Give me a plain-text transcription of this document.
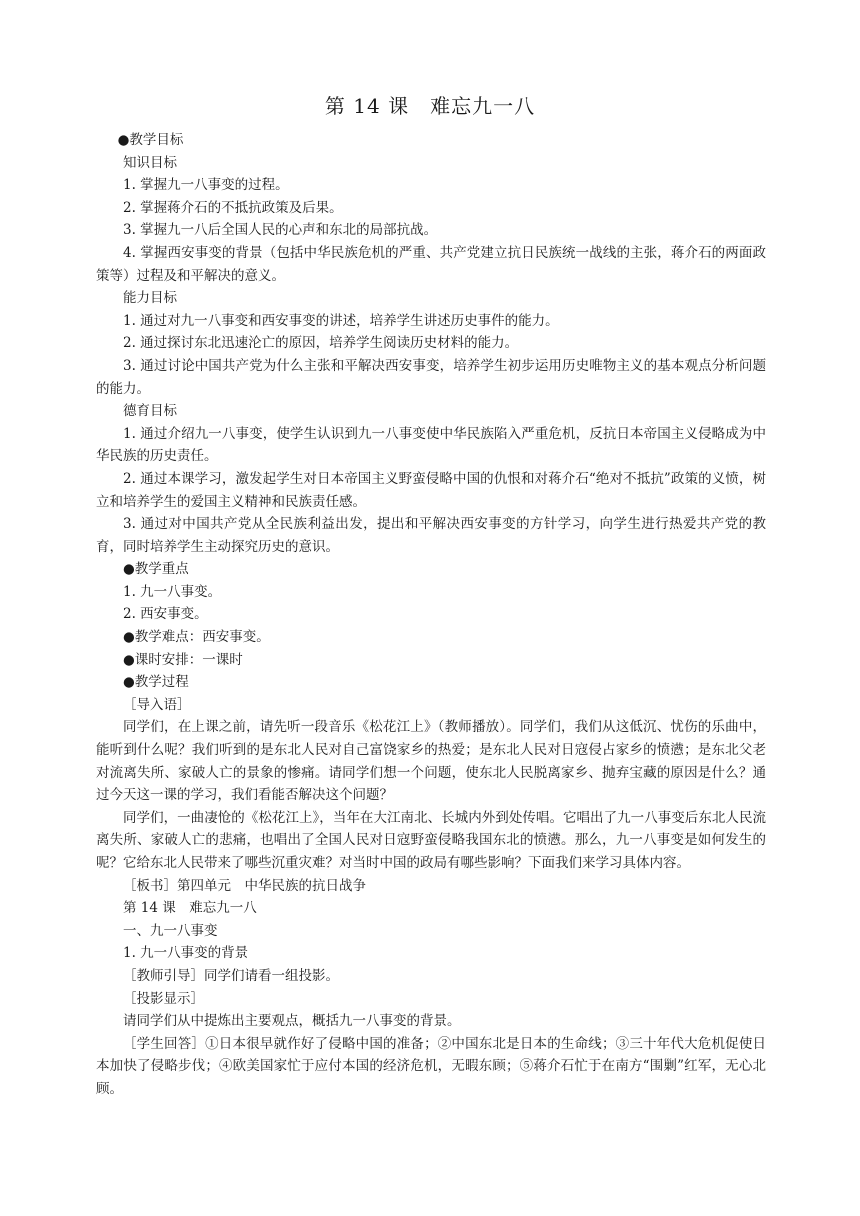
第 14 课　难忘九一八

●教学目标

知识目标

1. 掌握九一八事变的过程。

2. 掌握蒋介石的不抵抗政策及后果。

3. 掌握九一八后全国人民的心声和东北的局部抗战。

4. 掌握西安事变的背景（包括中华民族危机的严重、共产党建立抗日民族统一战线的主张，蒋介石的两面政策等）过程及和平解决的意义。

能力目标

1. 通过对九一八事变和西安事变的讲述，培养学生讲述历史事件的能力。

2. 通过探讨东北迅速沦亡的原因，培养学生阅读历史材料的能力。

3. 通过讨论中国共产党为什么主张和平解决西安事变，培养学生初步运用历史唯物主义的基本观点分析问题的能力。

德育目标

1. 通过介绍九一八事变，使学生认识到九一八事变使中华民族陷入严重危机，反抗日本帝国主义侵略成为中华民族的历史责任。

2. 通过本课学习，激发起学生对日本帝国主义野蛮侵略中国的仇恨和对蒋介石“绝对不抵抗”政策的义愤，树立和培养学生的爱国主义精神和民族责任感。

3. 通过对中国共产党从全民族利益出发，提出和平解决西安事变的方针学习，向学生进行热爱共产党的教育，同时培养学生主动探究历史的意识。

●教学重点

1. 九一八事变。

2. 西安事变。

●教学难点：西安事变。

●课时安排：一课时

●教学过程

［导入语］

同学们，在上课之前，请先听一段音乐《松花江上》（教师播放）。同学们，我们从这低沉、忧伤的乐曲中，能听到什么呢？我们听到的是东北人民对自己富饶家乡的热爱；是东北人民对日寇侵占家乡的愤懑；是东北父老对流离失所、家破人亡的景象的惨痛。请同学们想一个问题，使东北人民脱离家乡、抛弃宝藏的原因是什么？通过今天这一课的学习，我们看能否解决这个问题？

同学们，一曲凄怆的《松花江上》，当年在大江南北、长城内外到处传唱。它唱出了九一八事变后东北人民流离失所、家破人亡的悲痛，也唱出了全国人民对日寇野蛮侵略我国东北的愤懑。那么，九一八事变是如何发生的呢？它给东北人民带来了哪些沉重灾难？对当时中国的政局有哪些影响？下面我们来学习具体内容。

［板书］第四单元　中华民族的抗日战争

第 14 课　难忘九一八

一、九一八事变

1. 九一八事变的背景

［教师引导］同学们请看一组投影。

［投影显示］

请同学们从中提炼出主要观点，概括九一八事变的背景。

［学生回答］①日本很早就作好了侵略中国的准备；②中国东北是日本的生命线；③三十年代大危机促使日本加快了侵略步伐；④欧美国家忙于应付本国的经济危机，无暇东顾；⑤蒋介石忙于在南方“围剿”红军，无心北顾。
